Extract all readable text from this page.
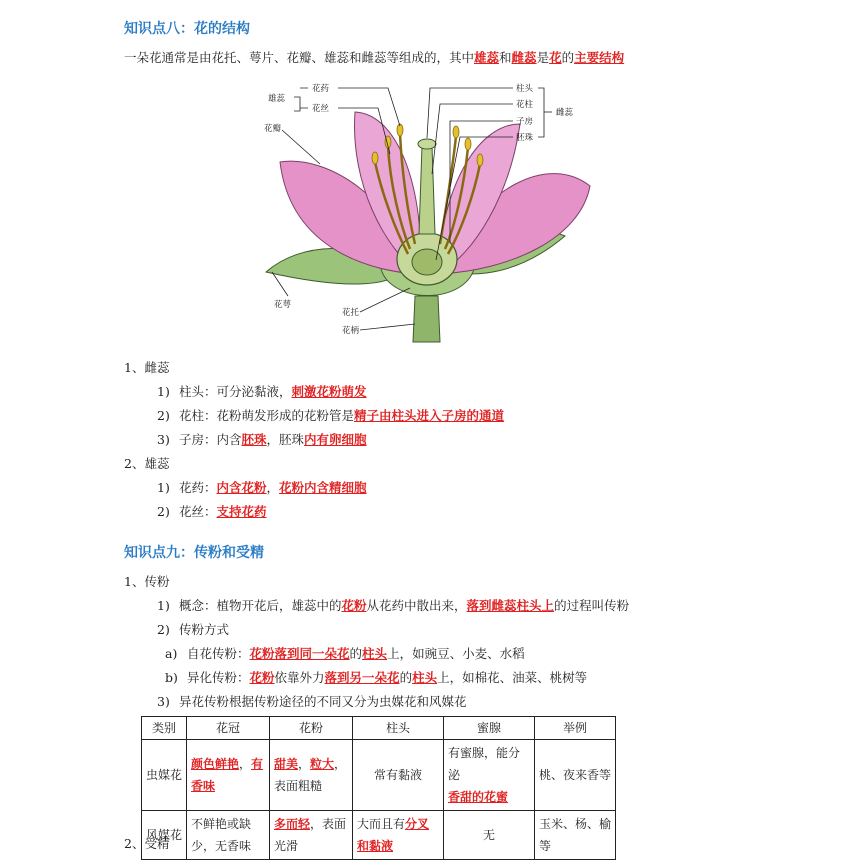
知识点八：花的结构
一朵花通常是由花托、萼片、花瓣、雄蕊和雌蕊等组成的，其中雄蕊和雌蕊是花的主要结构
雄蕊
花药
花丝
花瓣
花萼
花托
花柄
柱头
花柱
子房
胚珠
雌蕊
1、雌蕊
1) 柱头：可分泌黏液，刺激花粉萌发
2) 花柱：花粉萌发形成的花粉管是精子由柱头进入子房的通道
3) 子房：内含胚珠，胚珠内有卵细胞
2、雄蕊
1) 花药：内含花粉，花粉内含精细胞
2) 花丝：支持花药
知识点九：传粉和受精
1、传粉
1) 概念：植物开花后，雄蕊中的花粉从花药中散出来，落到雌蕊柱头上的过程叫传粉
2) 传粉方式
a) 自花传粉：花粉落到同一朵花的柱头上，如豌豆、小麦、水稻
b) 异化传粉：花粉依靠外力落到另一朵花的柱头上，如棉花、油菜、桃树等
3) 异花传粉根据传粉途径的不同又分为虫媒花和风媒花
类别	花冠	花粉	柱头	蜜腺	举例
虫媒花	颜色鲜艳，有
香味	甜美，粒大，
表面粗糙	常有黏液	有蜜腺，能分泌
香甜的花蜜	桃、夜来香等
风媒花	不鲜艳或缺
少，无香味	多而轻，表面
光滑	大而且有分叉
和黏液	无	玉米、杨、榆
等
2、受精
